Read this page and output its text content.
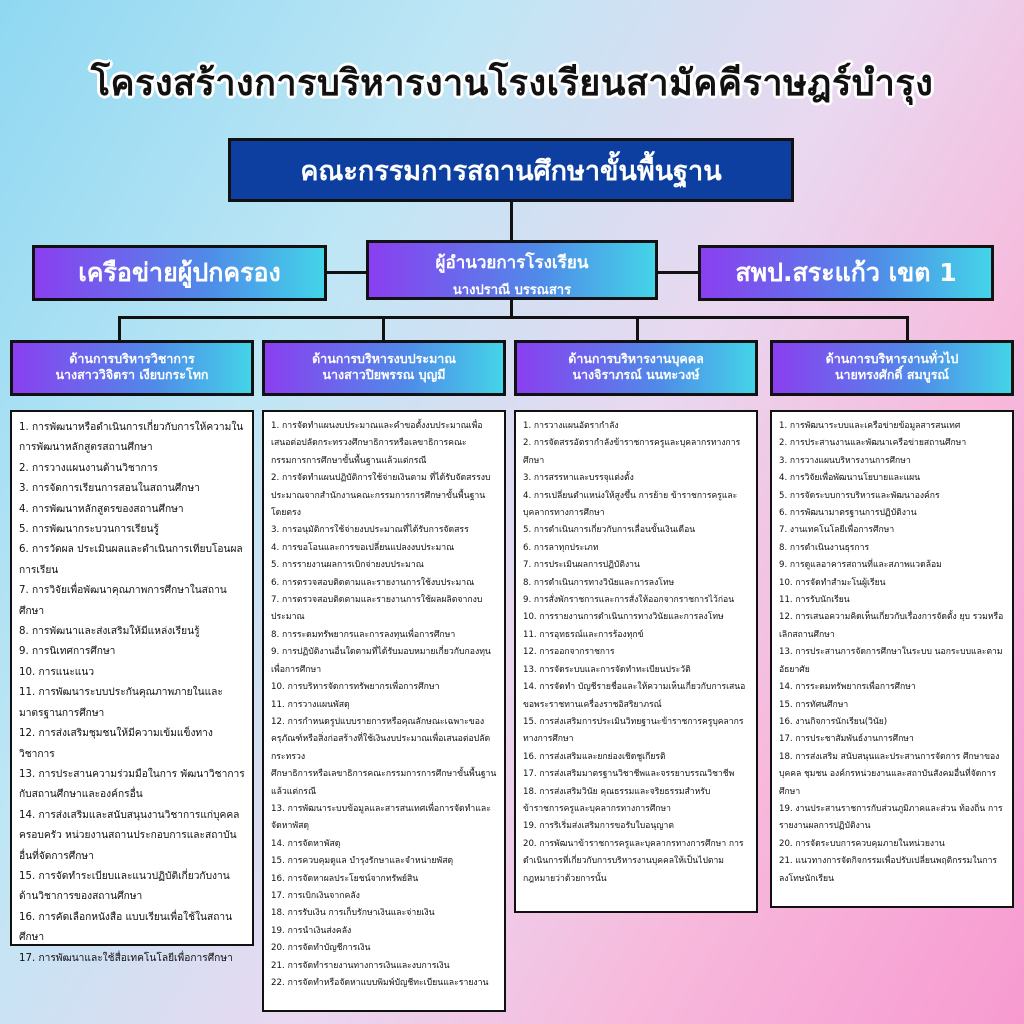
โครงสร้างการบริหารงานโรงเรียนสามัคคีราษฎร์บำรุง
คณะกรรมการสถานศึกษาขั้นพื้นฐาน
เครือข่ายผู้ปกครอง	ผู้อำนวยการโรงเรียน
นางปราณี บรรณสาร
สพป.สระแก้ว เขต 1
ด้านการบริหารวิชาการ
นางสาววิจิตรา เงียบกระโทก
ด้านการบริหารงบประมาณ
นางสาวปิยพรรณ บุญมี
ด้านการบริหารงานบุคคล
นางจิราภรณ์ นนทะวงษ์
ด้านการบริหารงานทั่วไป
นายทรงศักดิ์ สมบูรณ์
1. การพัฒนาหรือดำเนินการเกี่ยวกับการให้ความในการพัฒนาหลักสูตรสถานศึกษา
2. การวางแผนงานด้านวิชาการ
3. การจัดการเรียนการสอนในสถานศึกษา
4. การพัฒนาหลักสูตรของสถานศึกษา
5. การพัฒนากระบวนการเรียนรู้
6. การวัดผล ประเมินผลและดำเนินการเทียบโอนผลการเรียน
7. การวิจัยเพื่อพัฒนาคุณภาพการศึกษาในสถานศึกษา
8. การพัฒนาและส่งเสริมให้มีแหล่งเรียนรู้
9. การนิเทศการศึกษา
10. การแนะแนว
11. การพัฒนาระบบประกันคุณภาพภายในและมาตรฐานการศึกษา
12. การส่งเสริมชุมชนให้มีความเข้มแข็งทางวิชาการ
13. การประสานความร่วมมือในการ พัฒนาวิชาการกับสถานศึกษาและองค์กรอื่น
14. การส่งเสริมและสนับสนุนงานวิชาการแก่บุคคล ครอบครัว หน่วยงานสถานประกอบการและสถาบันอื่นที่จัดการศึกษา
15. การจัดทำระเบียบและแนวปฏิบัติเกี่ยวกับงานด้านวิชาการของสถานศึกษา
16. การคัดเลือกหนังสือ แบบเรียนเพื่อใช้ในสถานศึกษา
17. การพัฒนาและใช้สื่อเทคโนโลยีเพื่อการศึกษา
1. การจัดทำแผนงบประมาณและคำขอตั้งงบประมาณเพื่อเสนอต่อปลัดกระทรวงศึกษาธิการหรือเลขาธิการคณะกรรมการการศึกษาขั้นพื้นฐานแล้วแต่กรณี
2. การจัดทำแผนปฏิบัติการใช้จ่ายเงินตาม ที่ได้รับจัดสรรงบประมาณจากสำนักงานคณะกรรมการการศึกษาขั้นพื้นฐานโดยตรง
3. การอนุมัติการใช้จ่ายงบประมาณที่ได้รับการจัดสรร
4. การขอโอนและการขอเปลี่ยนแปลงงบประมาณ
5. การรายงานผลการเบิกจ่ายงบประมาณ
6. การตรวจสอบติดตามและรายงานการใช้งบประมาณ
7. การตรวจสอบติดตามและรายงานการใช้ผลผลิตจากงบประมาณ
8. การระดมทรัพยากรและการลงทุนเพื่อการศึกษา
9. การปฏิบัติงานอื่นใดตามที่ได้รับมอบหมายเกี่ยวกับกองทุนเพื่อการศึกษา
10. การบริหารจัดการทรัพยากรเพื่อการศึกษา
11. การวางแผนพัสดุ
12. การกำหนดรูปแบบรายการหรือคุณลักษณะเฉพาะของครุภัณฑ์หรือสิ่งก่อสร้างที่ใช้เงินงบประมาณเพื่อเสนอต่อปลัดกระทรวง
ศึกษาธิการหรือเลขาธิการคณะกรรมการการศึกษาขั้นพื้นฐานแล้วแต่กรณี
13. การพัฒนาระบบข้อมูลและสารสนเทศเพื่อการจัดทำและจัดหาพัสดุ
14. การจัดหาพัสดุ
15. การควบคุมดูแล บำรุงรักษาและจำหน่ายพัสดุ
16. การจัดหาผลประโยชน์จากทรัพย์สิน
17. การเบิกเงินจากคลัง
18. การรับเงิน การเก็บรักษาเงินและจ่ายเงิน
19. การนำเงินส่งคลัง
20. การจัดทำบัญชีการเงิน
21. การจัดทำรายงานทางการเงินและงบการเงิน
22. การจัดทำหรือจัดหาแบบพิมพ์บัญชีทะเบียนและรายงาน
1. การวางแผนอัตรากำลัง
2. การจัดสรรอัตรากำลังข้าราชการครูและบุคลากรทางการศึกษา
3. การสรรหาและบรรจุแต่งตั้ง
4. การเปลี่ยนตำแหน่งให้สูงขึ้น การย้าย ข้าราชการครูและบุคลากรทางการศึกษา
5. การดำเนินการเกี่ยวกับการเลื่อนขั้นเงินเดือน
6. การลาทุกประเภท
7. การประเมินผลการปฏิบัติงาน
8. การดำเนินการทางวินัยและการลงโทษ
9. การสั่งพักราชการและการสั่งให้ออกจากราชการไว้ก่อน
10. การรายงานการดำเนินการทางวินัยและการลงโทษ
11. การอุทธรณ์และการร้องทุกข์
12. การออกจากราชการ
13. การจัดระบบและการจัดทำทะเบียนประวัติ
14. การจัดทำ บัญชีรายชื่อและให้ความเห็นเกี่ยวกับการเสนอขอพระราชทานเครื่องราชอิสริยาภรณ์
15. การส่งเสริมการประเมินวิทยฐานะข้าราชการครูบุคลากรทางการศึกษา
16. การส่งเสริมและยกย่องเชิดชูเกียรติ
17. การส่งเสริมมาตรฐานวิชาชีพและจรรยาบรรณวิชาชีพ
18. การส่งเสริมวินัย คุณธรรมและจริยธรรมสำหรับ ข้าราชการครูและบุคลากรทางการศึกษา
19. การริเริ่มส่งเสริมการขอรับใบอนุญาต
20. การพัฒนาข้าราชการครูและบุคลากรทางการศึกษา การดำเนินการที่เกี่ยวกับการบริหารงานบุคคลให้เป็นไปตามกฎหมายว่าด้วยการนั้น
1. การพัฒนาระบบและเครือข่ายข้อมูลสารสนเทศ
2. การประสานงานและพัฒนาเครือข่ายสถานศึกษา
3. การวางแผนบริหารงานการศึกษา
4. การวิจัยเพื่อพัฒนานโยบายและแผน
5. การจัดระบบการบริหารและพัฒนาองค์กร
6. การพัฒนามาตรฐานการปฏิบัติงาน
7. งานเทคโนโลยีเพื่อการศึกษา
8. การดำเนินงานธุรการ
9. การดูแลอาคารสถานที่และสภาพแวดล้อม
10. การจัดทำสำมะโนผู้เรียน
11. การรับนักเรียน
12. การเสนอความคิดเห็นเกี่ยวกับเรื่องการจัดตั้ง ยุบ รวมหรือเลิกสถานศึกษา
13. การประสานการจัดการศึกษาในระบบ นอกระบบและตามอัธยาศัย
14. การระดมทรัพยากรเพื่อการศึกษา
15. การทัศนศึกษา
16. งานกิจการนักเรียน(วินัย)
17. การประชาสัมพันธ์งานการศึกษา
18. การส่งเสริม สนับสนุนและประสานการจัดการ ศึกษาของบุคคล ชุมชน องค์กรหน่วยงานและสถาบันสังคมอื่นที่จัดการศึกษา
19. งานประสานราชการกับส่วนภูมิภาคและส่วน ท้องถิ่น การรายงานผลการปฏิบัติงาน
20. การจัดระบบการควบคุมภายในหน่วยงาน
21. แนวทางการจัดกิจกรรมเพื่อปรับเปลี่ยนพฤติกรรมในการลงโทษนักเรียน
